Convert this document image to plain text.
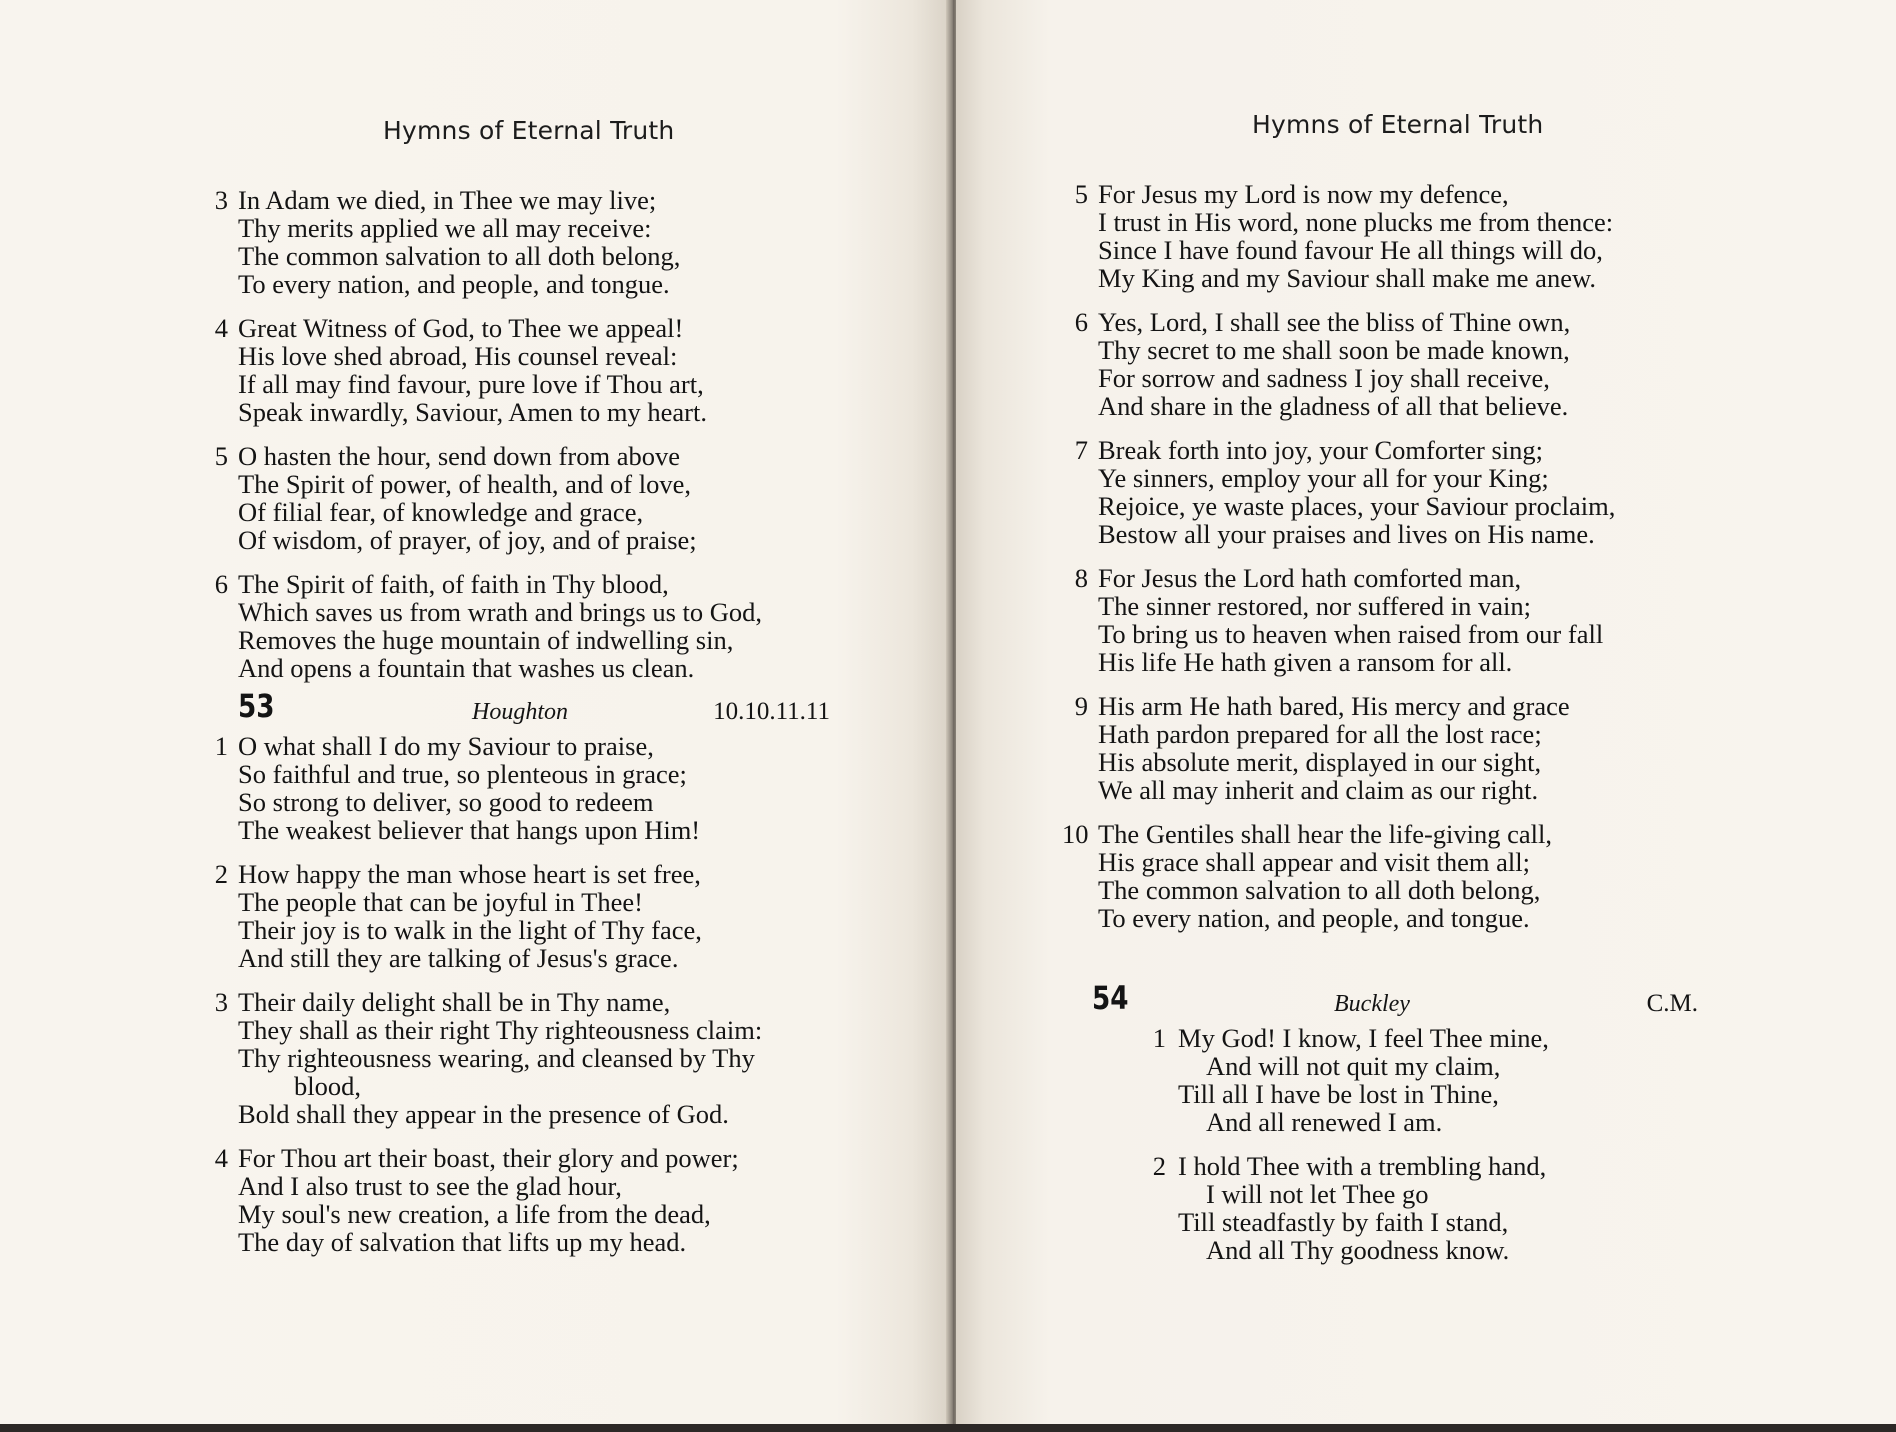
Hymns of Eternal Truth
3 In Adam we died, in Thee we may live;
Thy merits applied we all may receive:
The common salvation to all doth belong,
To every nation, and people, and tongue.
4 Great Witness of God, to Thee we appeal!
His love shed abroad, His counsel reveal:
If all may find favour, pure love if Thou art,
Speak inwardly, Saviour, Amen to my heart.
5 O hasten the hour, send down from above
The Spirit of power, of health, and of love,
Of filial fear, of knowledge and grace,
Of wisdom, of prayer, of joy, and of praise;
6 The Spirit of faith, of faith in Thy blood,
Which saves us from wrath and brings us to God,
Removes the huge mountain of indwelling sin,
And opens a fountain that washes us clean.
53	Houghton	10.10.11.11
1 O what shall I do my Saviour to praise,
So faithful and true, so plenteous in grace;
So strong to deliver, so good to redeem
The weakest believer that hangs upon Him!
2 How happy the man whose heart is set free,
The people that can be joyful in Thee!
Their joy is to walk in the light of Thy face,
And still they are talking of Jesus's grace.
3 Their daily delight shall be in Thy name,
They shall as their right Thy righteousness claim:
Thy righteousness wearing, and cleansed by Thy
blood,
Bold shall they appear in the presence of God.
4 For Thou art their boast, their glory and power;
And I also trust to see the glad hour,
My soul's new creation, a life from the dead,
The day of salvation that lifts up my head.
Hymns of Eternal Truth
5 For Jesus my Lord is now my defence,
I trust in His word, none plucks me from thence:
Since I have found favour He all things will do,
My King and my Saviour shall make me anew.
6 Yes, Lord, I shall see the bliss of Thine own,
Thy secret to me shall soon be made known,
For sorrow and sadness I joy shall receive,
And share in the gladness of all that believe.
7 Break forth into joy, your Comforter sing;
Ye sinners, employ your all for your King;
Rejoice, ye waste places, your Saviour proclaim,
Bestow all your praises and lives on His name.
8 For Jesus the Lord hath comforted man,
The sinner restored, nor suffered in vain;
To bring us to heaven when raised from our fall
His life He hath given a ransom for all.
9 His arm He hath bared, His mercy and grace
Hath pardon prepared for all the lost race;
His absolute merit, displayed in our sight,
We all may inherit and claim as our right.
10 The Gentiles shall hear the life-giving call,
His grace shall appear and visit them all;
The common salvation to all doth belong,
To every nation, and people, and tongue.
54	Buckley	C.M.
1 My God! I know, I feel Thee mine,
And will not quit my claim,
Till all I have be lost in Thine,
And all renewed I am.
2 I hold Thee with a trembling hand,
I will not let Thee go
Till steadfastly by faith I stand,
And all Thy goodness know.
